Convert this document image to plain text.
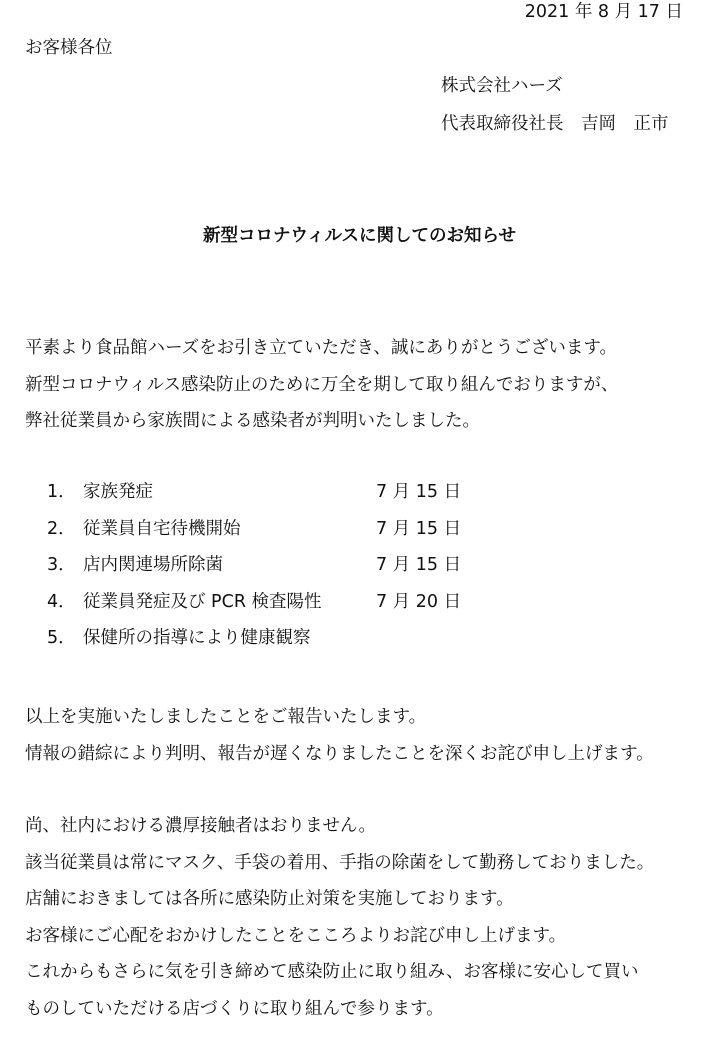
2021 年 8 月 17 日
お客様各位
株式会社ハーズ
代表取締役社長　吉岡　正市
新型コロナウィルスに関してのお知らせ
平素より食品館ハーズをお引き立ていただき、誠にありがとうございます。
新型コロナウィルス感染防止のために万全を期して取り組んでおりますが、
弊社従業員から家族間による感染者が判明いたしました。
1． 家族発症	7 月 15 日
2． 従業員自宅待機開始	7 月 15 日
3． 店内関連場所除菌	7 月 15 日
4． 従業員発症及び PCR 検査陽性	7 月 20 日
5． 保健所の指導により健康観察
以上を実施いたしましたことをご報告いたします。
情報の錯綜により判明、報告が遅くなりましたことを深くお詫び申し上げます。
尚、社内における濃厚接触者はおりません。
該当従業員は常にマスク、手袋の着用、手指の除菌をして勤務しておりました。
店舗におきましては各所に感染防止対策を実施しております。
お客様にご心配をおかけしたことをこころよりお詫び申し上げます。
これからもさらに気を引き締めて感染防止に取り組み、お客様に安心して買い
ものしていただける店づくりに取り組んで参ります。
